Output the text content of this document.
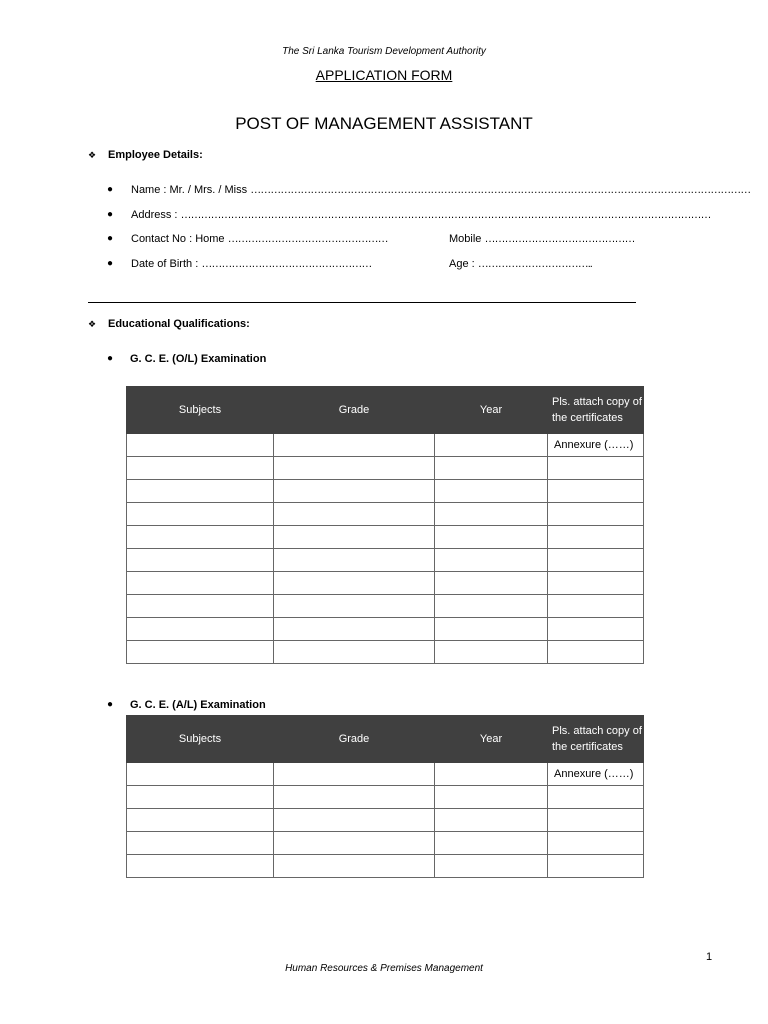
The Sri Lanka Tourism Development Authority
APPLICATION FORM
POST OF MANAGEMENT ASSISTANT
❖	Employee Details:
● Name : Mr. / Mrs. / Miss ……………………………………………………………………………………………………………………………………
● Address : ……………………………………………………………………………………………………………………………………………
● Contact No : Home …………………………………………	Mobile ………………………………………
● Date of Birth : ……………………………………………	Age : ……………………………..
❖	Educational Qualifications:
● G. C. E. (O/L) Examination
Subjects	Grade	Year	Pls. attach copy of the certificates
			Annexure (……)

● G. C. E. (A/L) Examination
Subjects	Grade	Year	Pls. attach copy of the certificates
			Annexure (……)

1
Human Resources & Premises Management
